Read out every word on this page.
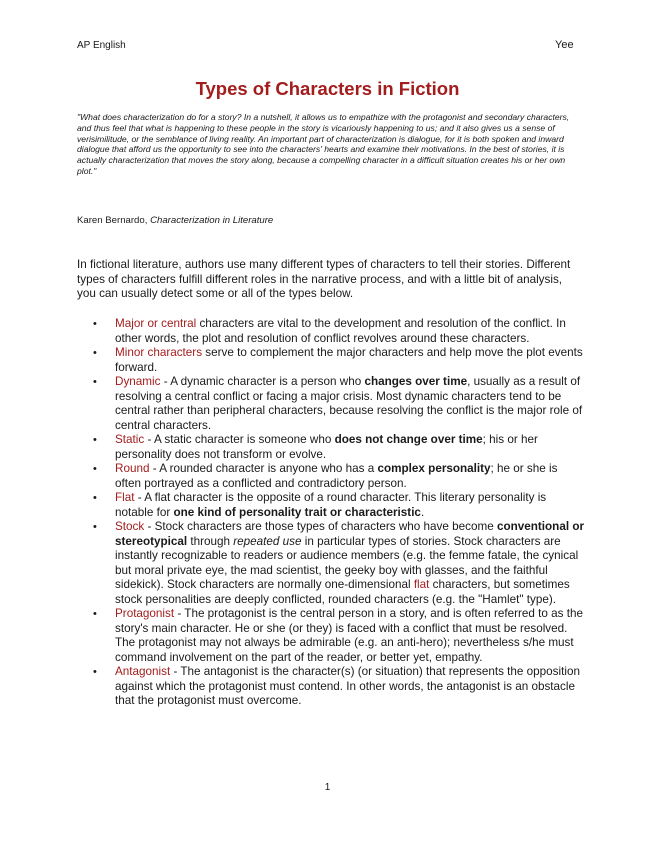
AP English	Yee
Types of Characters in Fiction

"What does characterization do for a story? In a nutshell, it allows us to empathize with the protagonist and secondary characters, and thus feel that what is happening to these people in the story is vicariously happening to us; and it also gives us a sense of verisimilitude, or the semblance of living reality. An important part of characterization is dialogue, for it is both spoken and inward dialogue that afford us the opportunity to see into the characters' hearts and examine their motivations. In the best of stories, it is actually characterization that moves the story along, because a compelling character in a difficult situation creates his or her own plot."

Karen Bernardo, Characterization in Literature

In fictional literature, authors use many different types of characters to tell their stories. Different types of characters fulfill different roles in the narrative process, and with a little bit of analysis, you can usually detect some or all of the types below.

• Major or central characters are vital to the development and resolution of the conflict. In other words, the plot and resolution of conflict revolves around these characters.
• Minor characters serve to complement the major characters and help move the plot events forward.
• Dynamic - A dynamic character is a person who changes over time, usually as a result of resolving a central conflict or facing a major crisis. Most dynamic characters tend to be central rather than peripheral characters, because resolving the conflict is the major role of central characters.
• Static - A static character is someone who does not change over time; his or her personality does not transform or evolve.
• Round - A rounded character is anyone who has a complex personality; he or she is often portrayed as a conflicted and contradictory person.
• Flat - A flat character is the opposite of a round character. This literary personality is notable for one kind of personality trait or characteristic.
• Stock - Stock characters are those types of characters who have become conventional or stereotypical through repeated use in particular types of stories. Stock characters are instantly recognizable to readers or audience members (e.g. the femme fatale, the cynical but moral private eye, the mad scientist, the geeky boy with glasses, and the faithful sidekick). Stock characters are normally one-dimensional flat characters, but sometimes stock personalities are deeply conflicted, rounded characters (e.g. the "Hamlet" type).
• Protagonist - The protagonist is the central person in a story, and is often referred to as the story's main character. He or she (or they) is faced with a conflict that must be resolved. The protagonist may not always be admirable (e.g. an anti-hero); nevertheless s/he must command involvement on the part of the reader, or better yet, empathy.
• Antagonist - The antagonist is the character(s) (or situation) that represents the opposition against which the protagonist must contend. In other words, the antagonist is an obstacle that the protagonist must overcome.
1
